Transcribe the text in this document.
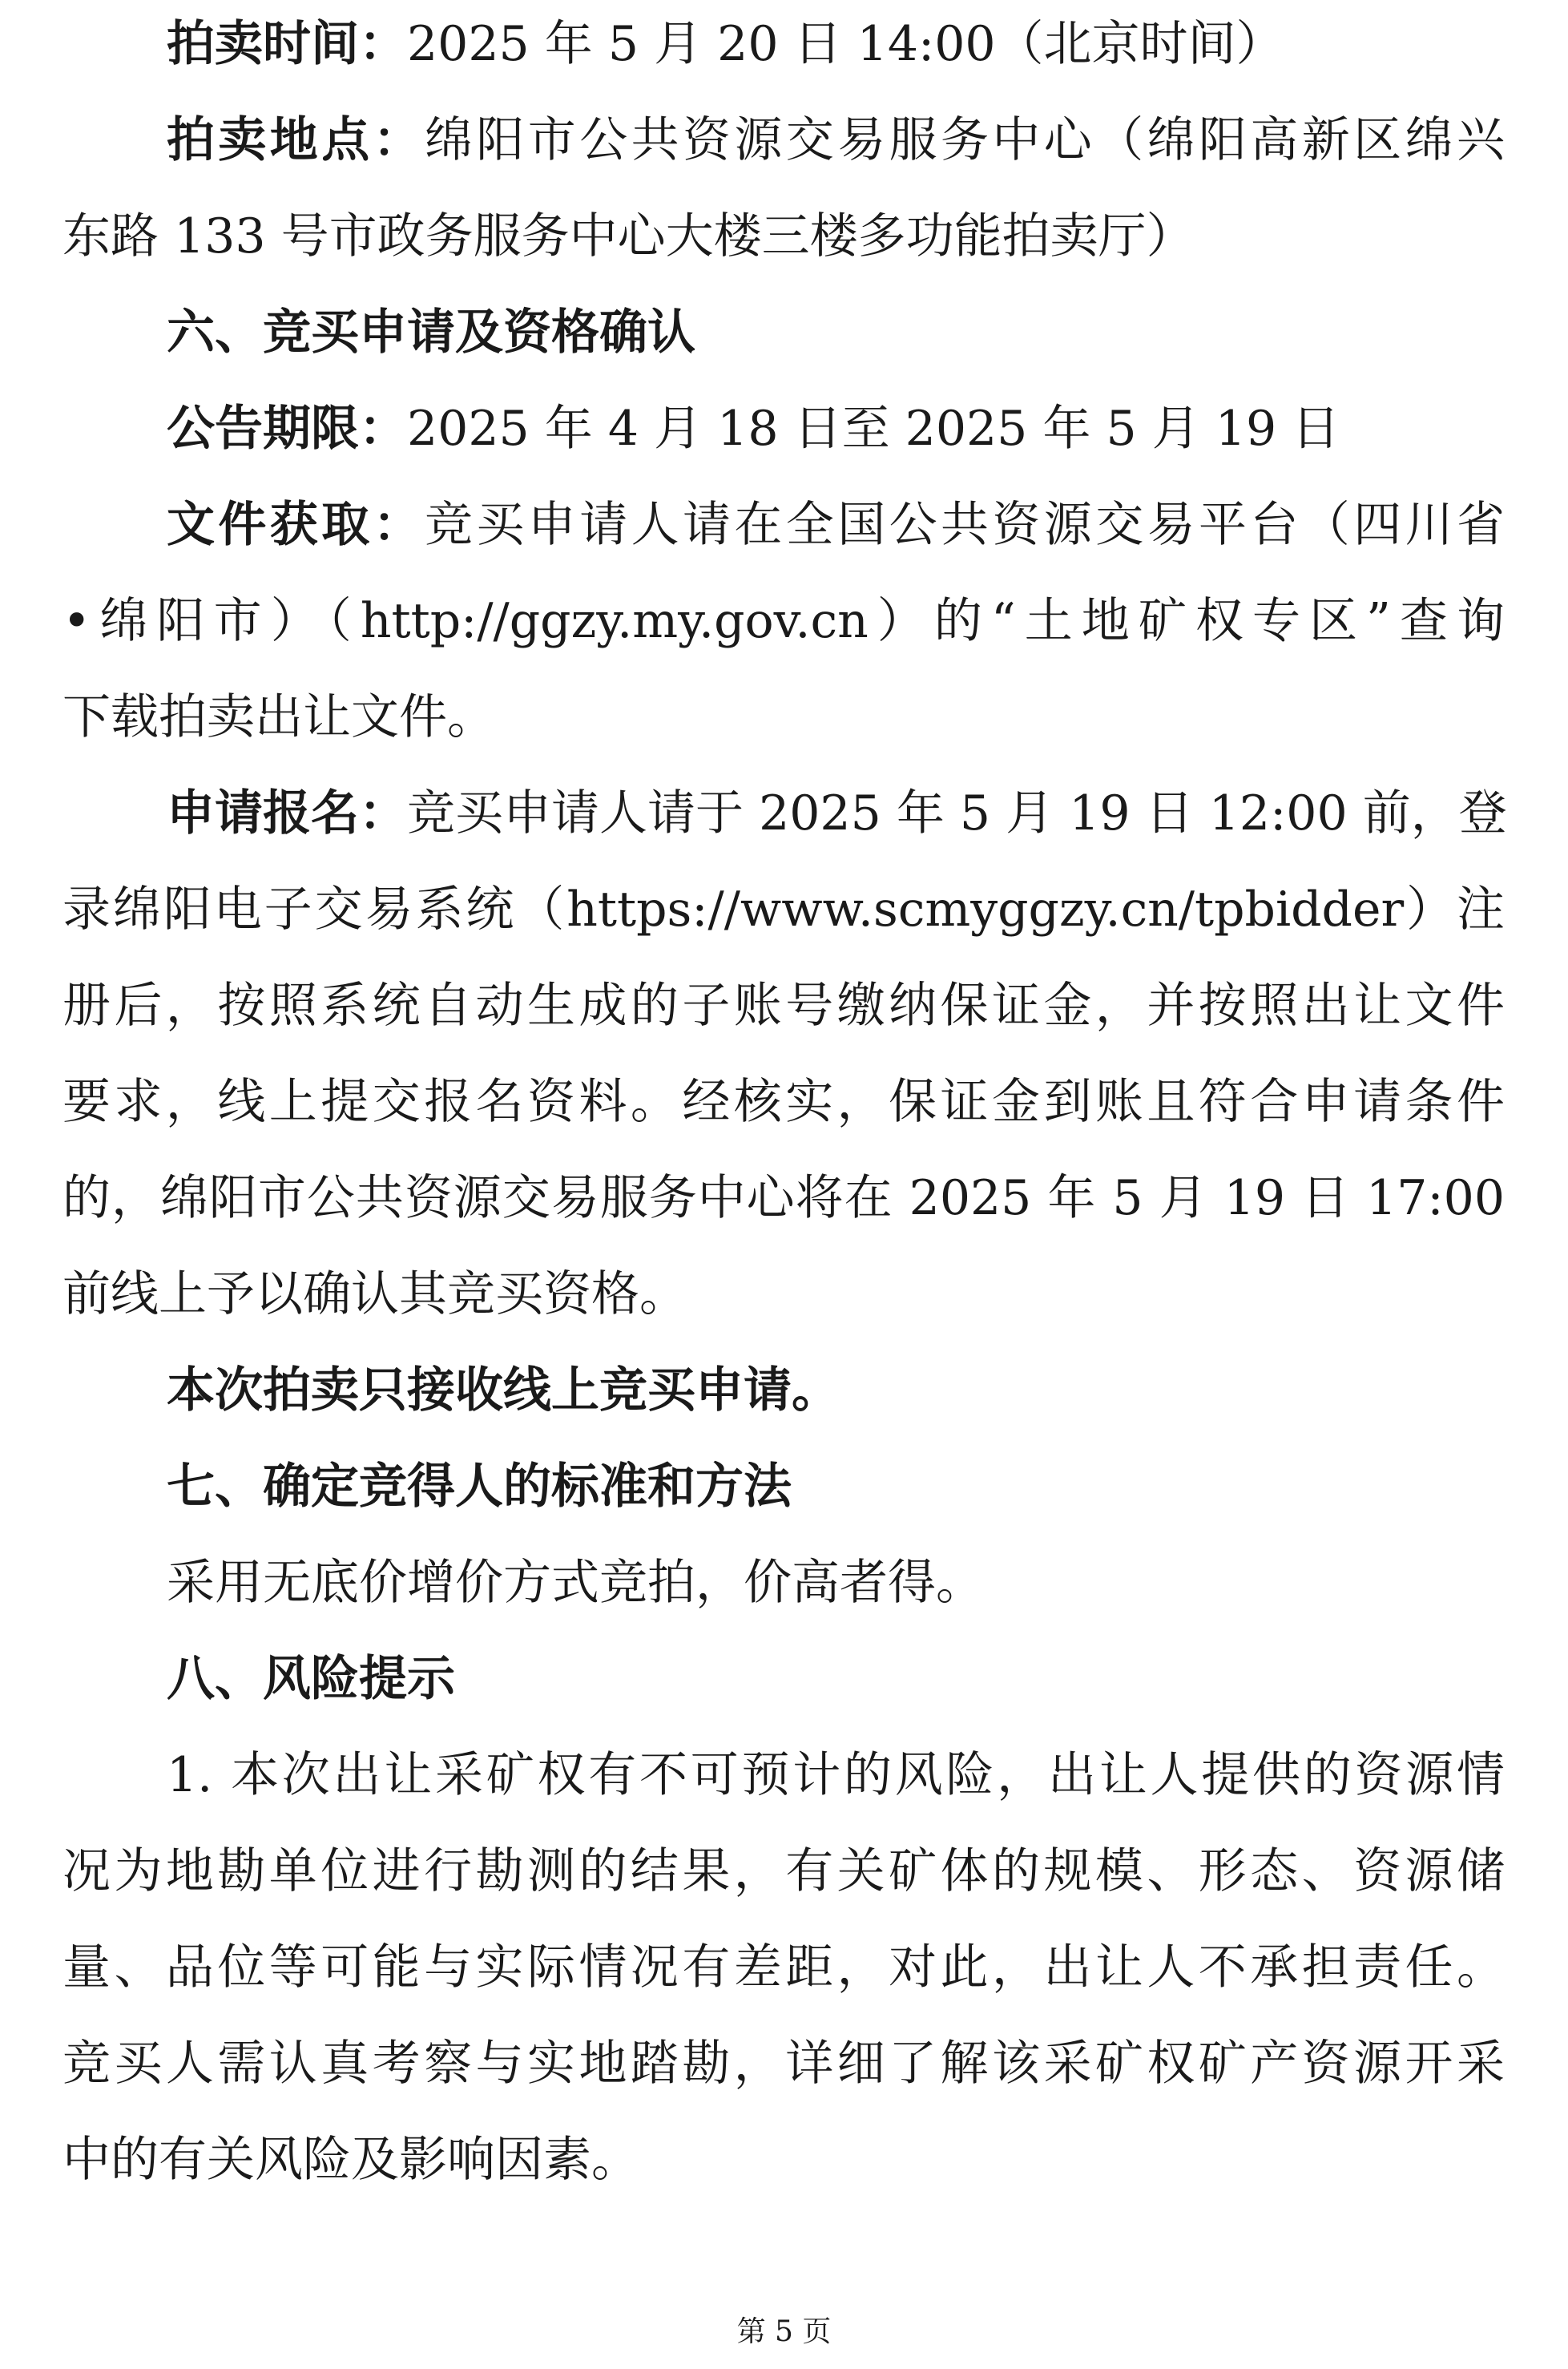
拍卖时间：2025 年 5 月 20 日 14:00（北京时间）
拍卖地点：绵阳市公共资源交易服务中心（绵阳高新区绵兴
东路 133 号市政务服务中心大楼三楼多功能拍卖厅）
六、竞买申请及资格确认
公告期限：2025 年 4 月 18 日至 2025 年 5 月 19 日
文件获取：竞买申请人请在全国公共资源交易平台（四川省
•绵阳市）（http://ggzy.my.gov.cn）的“土地矿权专区”查询
下载拍卖出让文件。
申请报名：竞买申请人请于 2025 年 5 月 19 日 12:00 前，登
录绵阳电子交易系统（https://www.scmyggzy.cn/tpbidder）注
册后，按照系统自动生成的子账号缴纳保证金，并按照出让文件
要求，线上提交报名资料。经核实，保证金到账且符合申请条件
的，绵阳市公共资源交易服务中心将在 2025 年 5 月 19 日 17:00
前线上予以确认其竞买资格。
本次拍卖只接收线上竞买申请。
七、确定竞得人的标准和方法
采用无底价增价方式竞拍，价高者得。
八、风险提示
1. 本次出让采矿权有不可预计的风险，出让人提供的资源情
况为地勘单位进行勘测的结果，有关矿体的规模、形态、资源储
量、品位等可能与实际情况有差距，对此，出让人不承担责任。
竞买人需认真考察与实地踏勘，详细了解该采矿权矿产资源开采
中的有关风险及影响因素。
第 5 页
